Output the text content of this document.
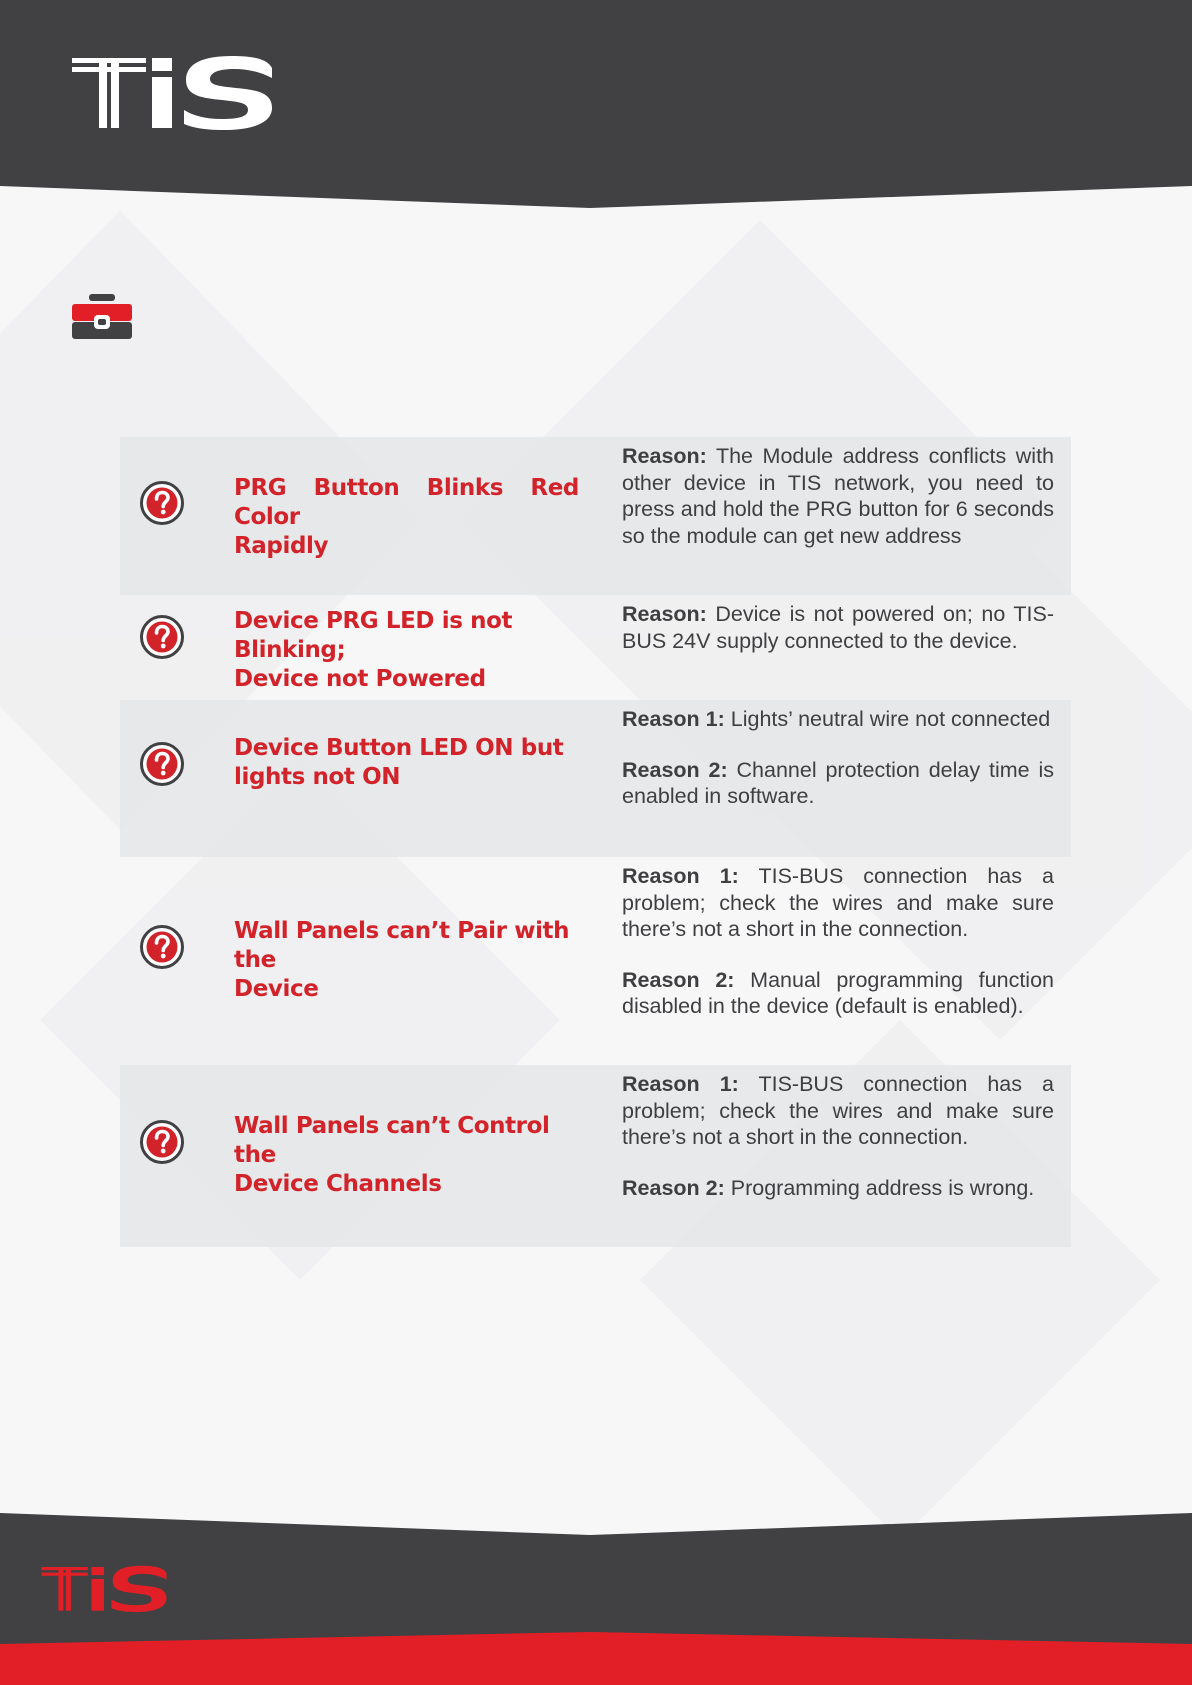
PRG Button Blinks Red Color
Rapidly
Reason: The Module address conflicts with other device in TIS network, you need to press and hold the PRG button for 6 seconds so the module can get new address
Device PRG LED is not Blinking;
Device not Powered
Reason: Device is not powered on; no TIS-BUS 24V supply connected to the device.
Device Button LED ON but
lights not ON
Reason 1: Lights’ neutral wire not connected
Reason 2: Channel protection delay time is enabled in software.
Wall Panels can’t Pair with the
Device
Reason 1: TIS-BUS connection has a problem; check the wires and make sure there’s not a short in the connection.
Reason 2: Manual programming function disabled in the device (default is enabled).
Wall Panels can’t Control the
Device Channels
Reason 1: TIS-BUS connection has a problem; check the wires and make sure there’s not a short in the connection.
Reason 2: Programming address is wrong.
